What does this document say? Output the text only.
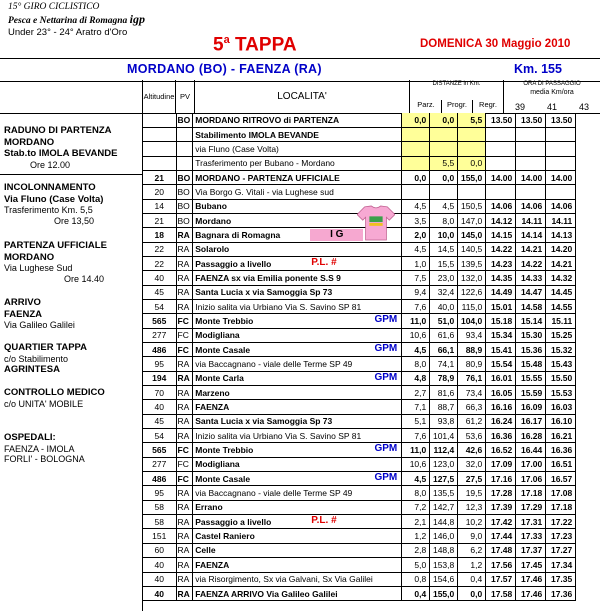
15° GIRO CICLISTICO
Pesca e Nettarina di Romagna igp
Under 23° - 24° Aratro d'Oro
5$^a$ TAPPA	DOMENICA 30 Maggio 2010
MORDANO (BO) - FAENZA (RA)	Km. 155
Altitudine PV	LOCALITA'
DISTANZE in Km.
Parz.	Progr.	Regr.
ORA DI PASSAGGIO
media Km/ora
39	41	43
RADUNO DI PARTENZA
MORDANO
Stab.to IMOLA BEVANDE
Ore 12.00
INCOLONNAMENTO
Via Fluno (Case Volta)
Trasferimento Km. 5,5
Ore 13,50
PARTENZA UFFICIALE
MORDANO
Via Lughese Sud
Ore 14.40
ARRIVO
FAENZA
Via Galileo Galilei
QUARTIER TAPPA
c/o Stabilimento
AGRINTESA
CONTROLLO MEDICO
c/o UNITA' MOBILE
OSPEDALI:
FAENZA - IMOLA
FORLI' - BOLOGNA
	BO	MORDANO RITROVO di PARTENZA	0,0	0,0	5,5	13.50	13.50	13.50
		Stabilimento IMOLA BEVANDE						
		via Fluno (Case Volta)						
		Trasferimento per Bubano - Mordano		5,5	0,0			
21	BO	MORDANO - PARTENZA UFFICIALE	0,0	0,0	155,0	14.00	14.00	14.00
20	BO	Via Borgo G. Vitali - via Lughese sud						
14	BO	Bubano	4,5	4,5	150,5	14.06	14.06	14.06
21	BO	Mordano	3,5	8,0	147,0	14.12	14.11	14.11
18	RA	Bagnara di Romagna I G	2,0	10,0	145,0	14.15	14.14	14.13
22	RA	Solarolo	4,5	14,5	140,5	14.22	14.21	14.20
22	RA	Passaggio a livello P.L. #	1,0	15,5	139,5	14.23	14.22	14.21
40	RA	FAENZA sx via Emilia ponente S.S 9	7,5	23,0	132,0	14.35	14.33	14.32
45	RA	Santa Lucia x via Samoggia Sp 73	9,4	32,4	122,6	14.49	14.47	14.45
54	RA	Inizio salita via Urbiano Via S. Savino SP 81	7,6	40,0	115,0	15.01	14.58	14.55
565	FC	Monte Trebbio GPM	11,0	51,0	104,0	15.18	15.14	15.11
277	FC	Modigliana	10,6	61,6	93,4	15.34	15.30	15.25
486	FC	Monte Casale GPM	4,5	66,1	88,9	15.41	15.36	15.32
95	RA	via Baccagnano - viale delle Terme SP 49	8,0	74,1	80,9	15.54	15.48	15.43
194	RA	Monte Carla GPM	4,8	78,9	76,1	16.01	15.55	15.50
70	RA	Marzeno	2,7	81,6	73,4	16.05	15.59	15.53
40	RA	FAENZA	7,1	88,7	66,3	16.16	16.09	16.03
45	RA	Santa Lucia x via Samoggia Sp 73	5,1	93,8	61,2	16.24	16.17	16.10
54	RA	Inizio salita via Urbiano Via S. Savino SP 81	7,6	101,4	53,6	16.36	16.28	16.21
565	FC	Monte Trebbio GPM	11,0	112,4	42,6	16.52	16.44	16.36
277	FC	Modigliana	10,6	123,0	32,0	17.09	17.00	16.51
486	FC	Monte Casale GPM	4,5	127,5	27,5	17.16	17.06	16.57
95	RA	via Baccagnano - viale delle Terme SP 49	8,0	135,5	19,5	17.28	17.18	17.08
58	RA	Errano	7,2	142,7	12,3	17.39	17.29	17.18
58	RA	Passaggio a livello P.L. #	2,1	144,8	10,2	17.42	17.31	17.22
151	RA	Castel Raniero	1,2	146,0	9,0	17.44	17.33	17.23
60	RA	Celle	2,8	148,8	6,2	17.48	17.37	17.27
40	RA	FAENZA	5,0	153,8	1,2	17.56	17.45	17.34
40	RA	via Risorgimento, Sx via Galvani, Sx Via Galilei	0,8	154,6	0,4	17.57	17.46	17.35
40	RA	FAENZA ARRIVO Via Galileo Galilei	0,4	155,0	0,0	17.58	17.46	17.36
